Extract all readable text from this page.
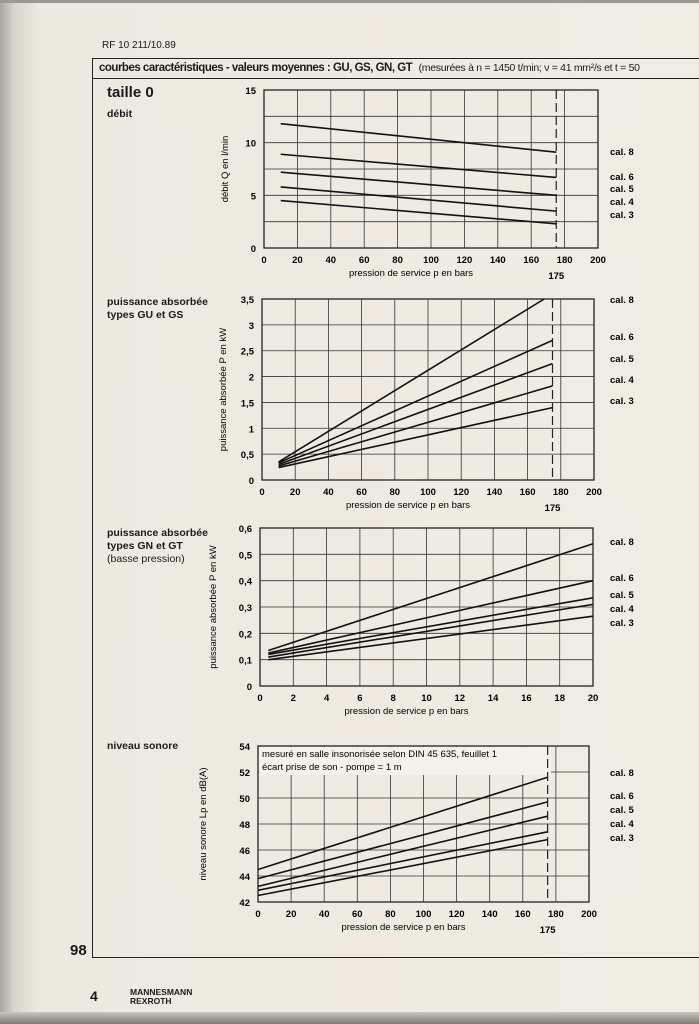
RF 10 211/10.89
courbes caractéristiques - valeurs moyennes : GU, GS, GN, GT (mesurées à n = 1450 t/min; ν = 41 mm²/s et t = 50
taille 0
débit
puissance absorbée
types GU et GS
puissance absorbée
types GN et GT
(basse pression)
niveau sonore
175
0	20 40 60 80 100 120 140 160 180 200
0
5
10
15
pression de service p en bars
débit Q en l/min	cal. 8
cal. 6
cal. 5
cal. 4
cal. 3
175
0	20 40 60 80 100 120 140 160 180 200
0
0,5
1
1,5
2
2,5
3
3,5
pression de service p en bars
puissance absorbée P en kW
cal. 8
cal. 6
cal. 5
cal. 4
cal. 3
0	2	4	6	8	10 12 14 16 18 20
0
0,1
0,2
0,3
0,4
0,5
0,6
pression de service p en bars
puissance absorbée P en kW
cal. 8
cal. 6
cal. 5
cal. 4
cal. 3
mesuré en salle insonorisée selon DIN 45 635, feuillet 1
écart prise de son - pompe = 1 m
175
0	20 40 60 80 100 120 140 160 180 200
42
44
46
48
50
52
54
pression de service p en bars
niveau sonore Lp en dB(A)	cal. 8
cal. 6
cal. 5
cal. 4
cal. 3
98
4	MANNESMANN
REXROTH
